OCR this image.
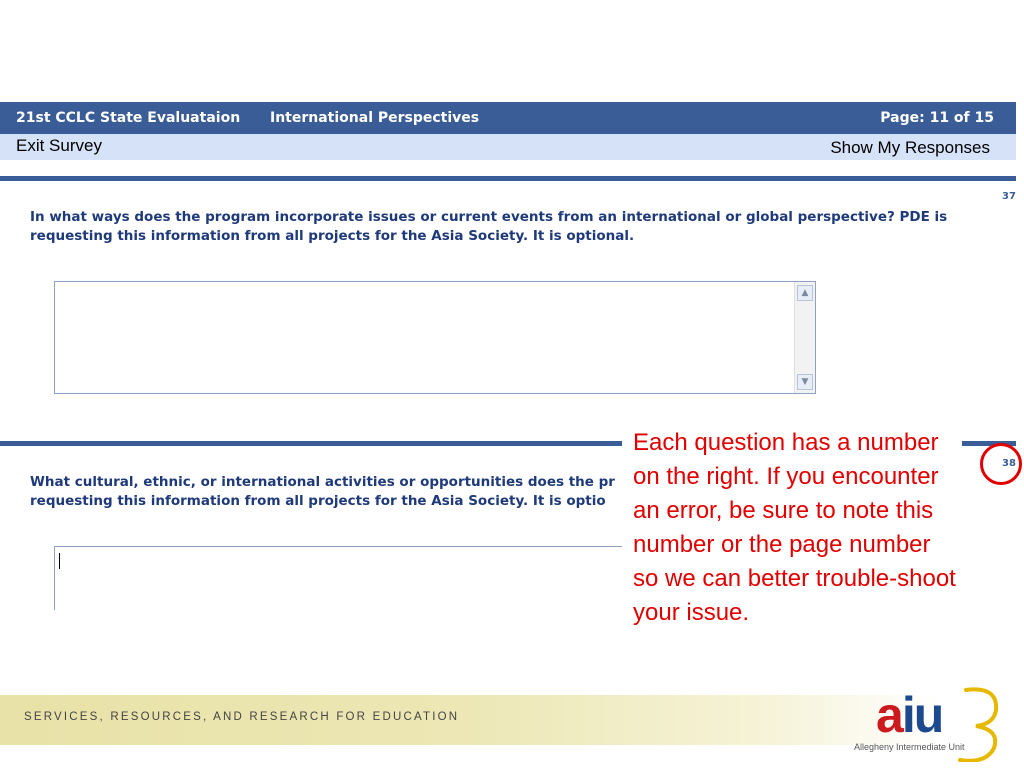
21st CCLC State Evaluataion International Perspectives	Page: 11 of 15
Exit Survey	Show My Responses
37
In what ways does the program incorporate issues or current events from an international or global perspective? PDE is requesting this information from all projects for the Asia Society. It is optional.
▲
▼
38
What cultural, ethnic, or international activities or opportunities does the pr
requesting this information from all projects for the Asia Society. It is optio
Each question has a number on the right. If you encounter an error, be sure to note this number or the page number so we can better trouble-shoot your issue.
SERVICES, RESOURCES, AND RESEARCH FOR EDUCATION	aiu
Allegheny Intermediate Unit
